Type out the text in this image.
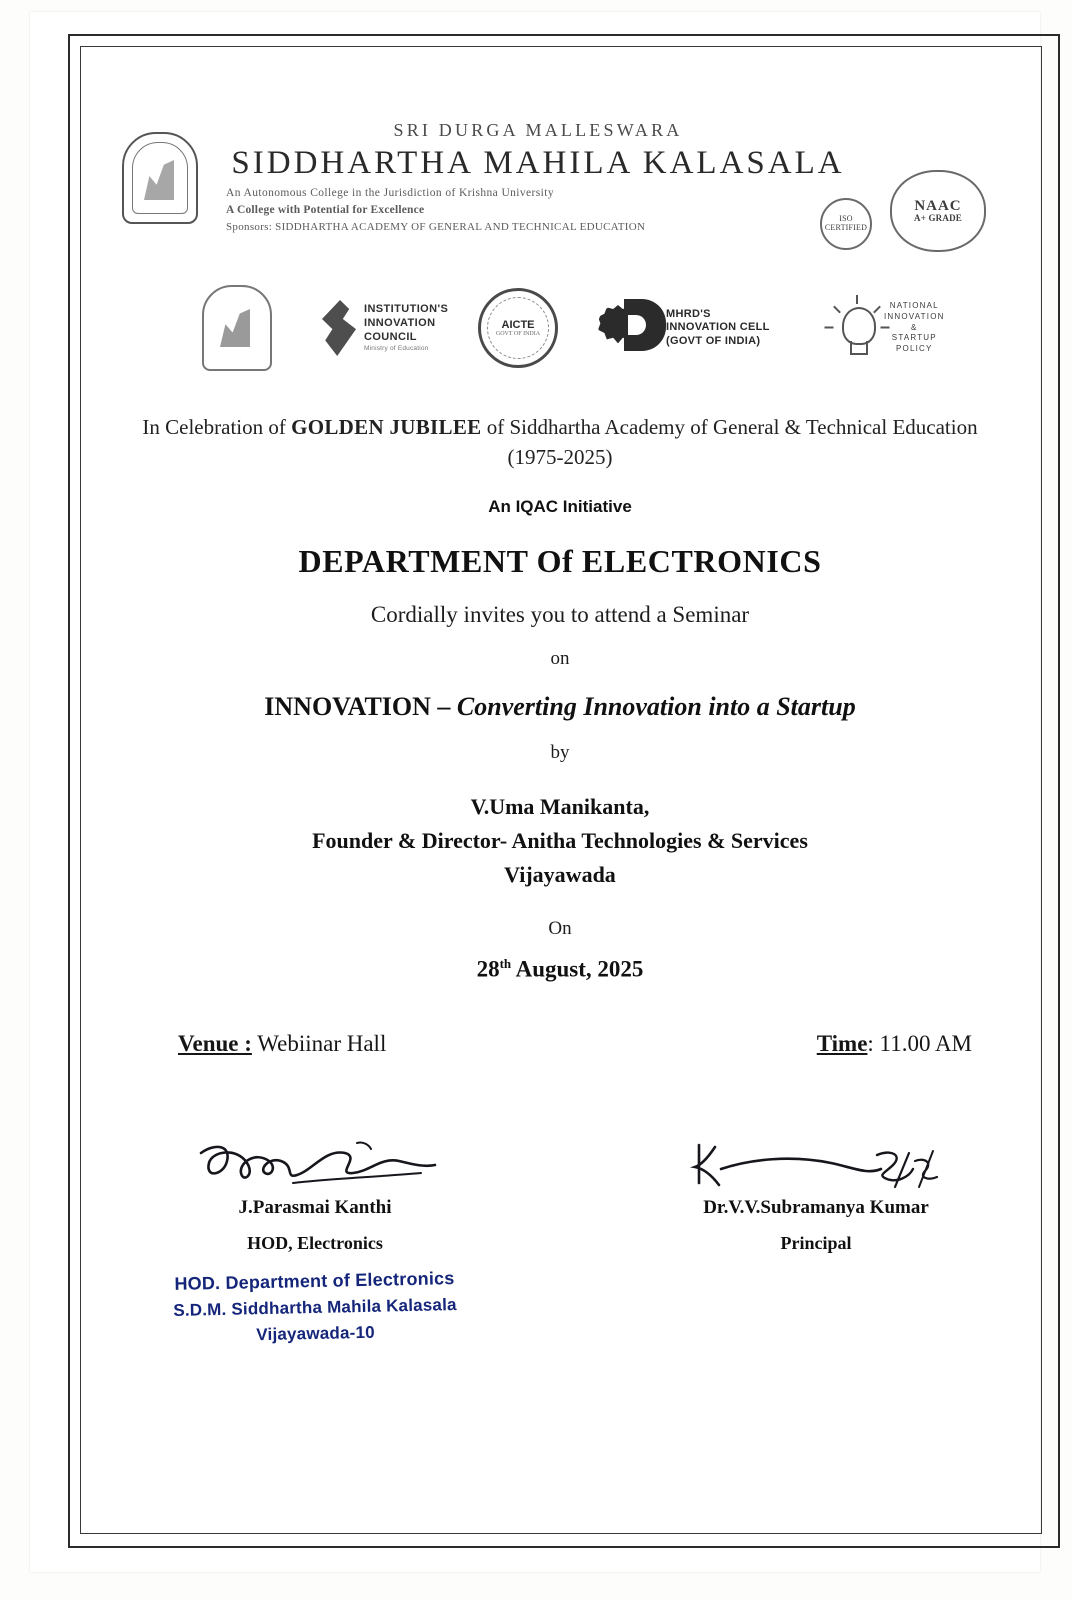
SRI DURGA MALLESWARA
SIDDHARTHA MAHILA KALASALA
An Autonomous College in the Jurisdiction of Krishna University
A College with Potential for Excellence
Sponsors: SIDDHARTHA ACADEMY OF GENERAL AND TECHNICAL EDUCATION
ISO CERTIFIED
NAAC
A+ GRADE
INSTITUTION'S
INNOVATION
COUNCIL
Ministry of Education
AICTE
GOVT OF INDIA
MHRD'S
INNOVATION CELL
(GOVT OF INDIA)
NATIONAL
INNOVATION
&
STARTUP
POLICY
In Celebration of GOLDEN JUBILEE of Siddhartha Academy of General & Technical Education (1975-2025)
An IQAC Initiative
DEPARTMENT Of ELECTRONICS
Cordially invites you to attend a Seminar
on
INNOVATION – Converting Innovation into a Startup
by
V.Uma Manikanta,
Founder & Director- Anitha Technologies & Services
Vijayawada
On
28th August, 2025
Venue : Webiinar Hall	Time: 11.00 AM
J.Parasmai Kanthi
HOD, Electronics
HOD. Department of Electronics
S.D.M. Siddhartha Mahila Kalasala
Vijayawada-10
Dr.V.V.Subramanya Kumar
Principal
